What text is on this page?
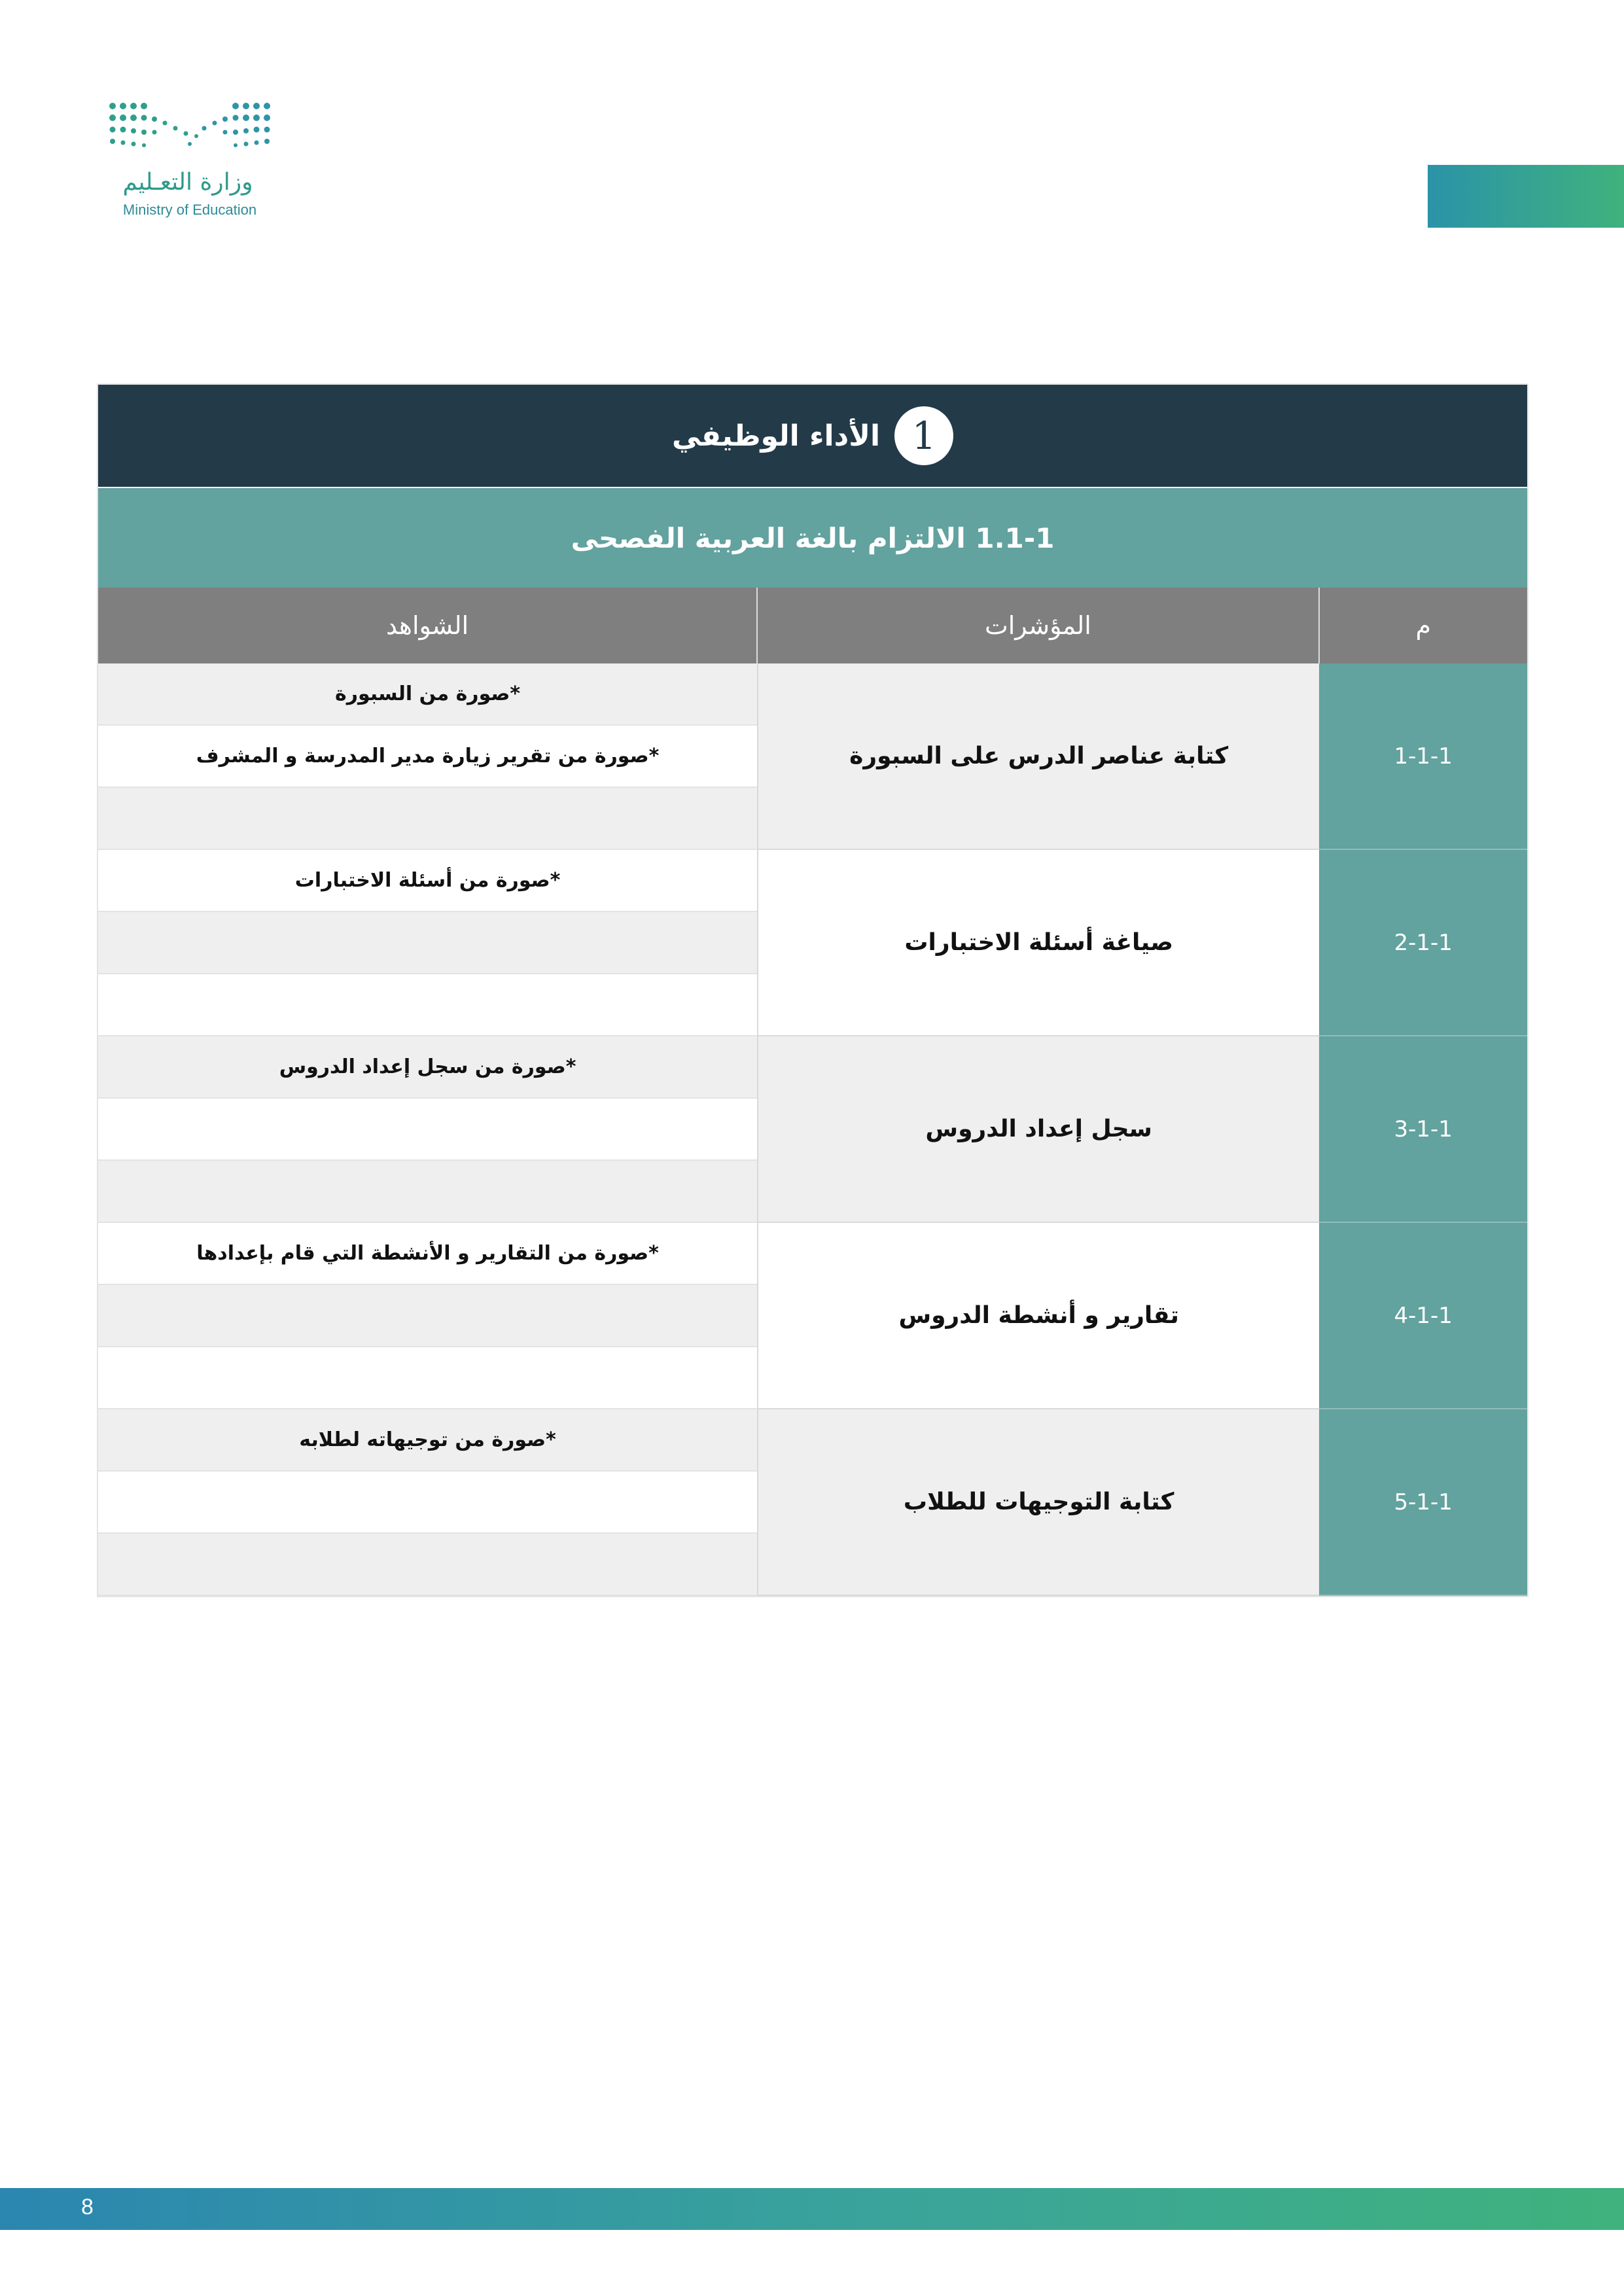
وزارة التعـليم
Ministry of Education
1
الأداء الوظيفي
1.1-1 الالتزام بالغة العربية الفصحى
م
المؤشرات
الشواهد
1-1-1
كتابة عناصر الدرس على السبورة
*صورة من السبورة
*صورة من تقرير زيارة مدير المدرسة و المشرف
2-1-1
صياغة أسئلة الاختبارات
*صورة من أسئلة الاختبارات
3-1-1
سجل إعداد الدروس
*صورة من سجل إعداد الدروس
4-1-1
تقارير و أنشطة الدروس
*صورة من التقارير و الأنشطة التي قام بإعدادها
5-1-1
كتابة التوجيهات للطلاب
*صورة من توجيهاته لطلابه
8
